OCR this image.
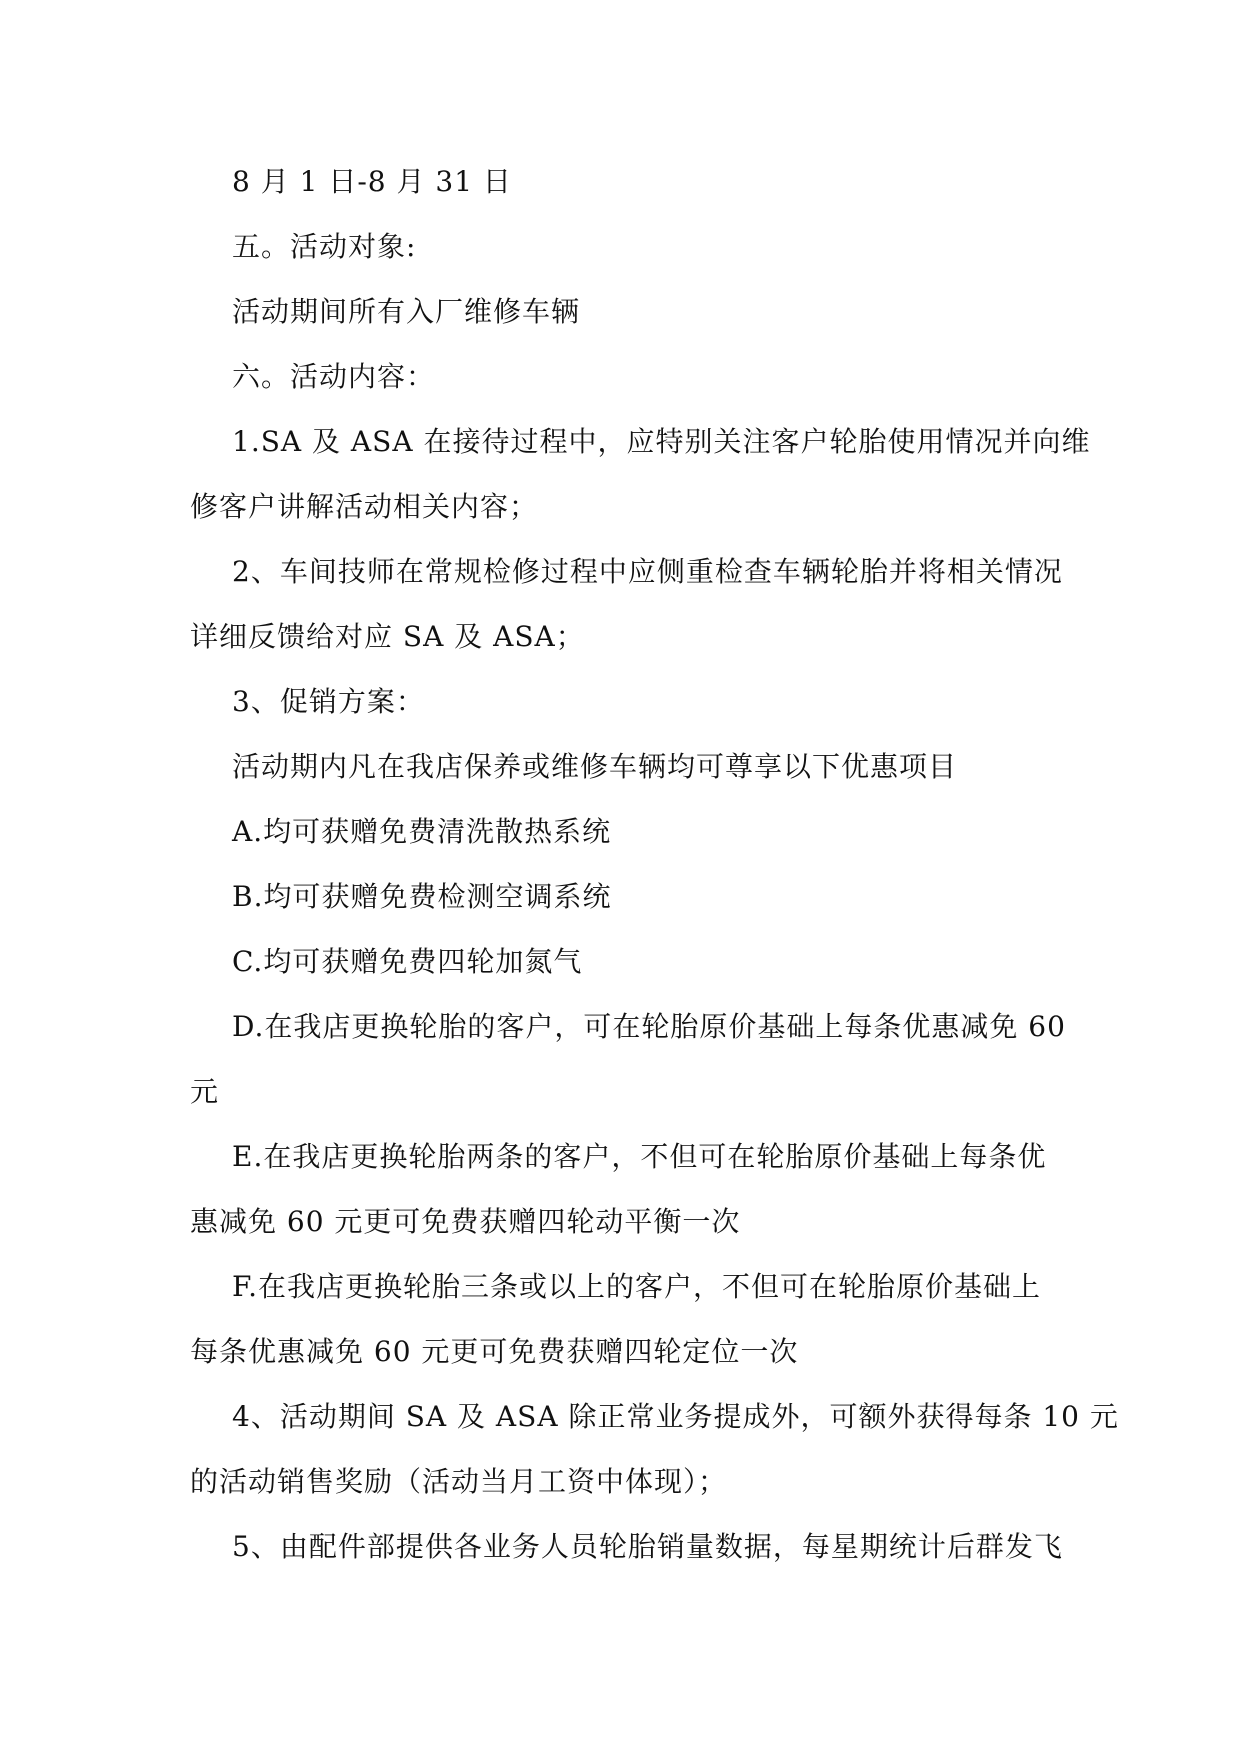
8 月 1 日-8 月 31 日
五。活动对象:
活动期间所有入厂维修车辆
六。活动内容：
1.SA 及 ASA 在接待过程中，应特别关注客户轮胎使用情况并向维
修客户讲解活动相关内容；
2、车间技师在常规检修过程中应侧重检查车辆轮胎并将相关情况
详细反馈给对应 SA 及 ASA；
3、促销方案：
活动期内凡在我店保养或维修车辆均可尊享以下优惠项目
A.均可获赠免费清洗散热系统
B.均可获赠免费检测空调系统
C.均可获赠免费四轮加氮气
D.在我店更换轮胎的客户，可在轮胎原价基础上每条优惠减免 60
元
E.在我店更换轮胎两条的客户，不但可在轮胎原价基础上每条优
惠减免 60 元更可免费获赠四轮动平衡一次
F.在我店更换轮胎三条或以上的客户，不但可在轮胎原价基础上
每条优惠减免 60 元更可免费获赠四轮定位一次
4、活动期间 SA 及 ASA 除正常业务提成外，可额外获得每条 10 元
的活动销售奖励（活动当月工资中体现）；
5、由配件部提供各业务人员轮胎销量数据，每星期统计后群发飞
